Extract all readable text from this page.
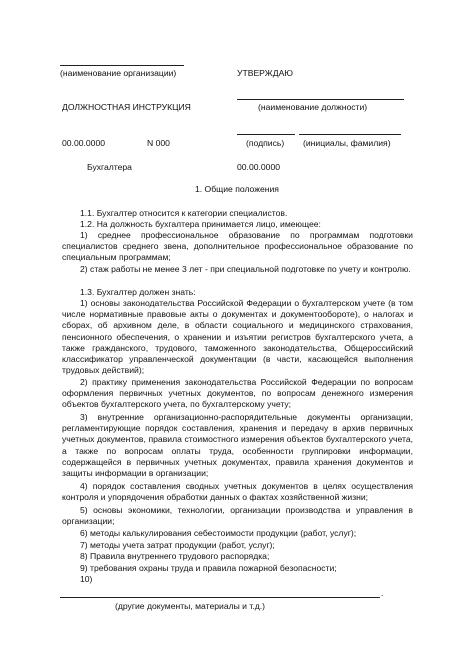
(наименование организации)	УТВЕРЖДАЮ
ДОЛЖНОСТНАЯ ИНСТРУКЦИЯ	(наименование должности)
00.00.0000	N 000	(подпись) (инициалы, фамилия)
Бухгалтера	00.00.0000
1. Общие положения
1.1. Бухгалтер относится к категории специалистов.
1.2. На должность бухгалтера принимается лицо, имеющее:
1) среднее профессиональное образование по программам подготовки специалистов среднего звена, дополнительное профессиональное образование по специальным программам;
2) стаж работы не менее 3 лет - при специальной подготовке по учету и контролю.
1.3. Бухгалтер должен знать:
1) основы законодательства Российской Федерации о бухгалтерском учете (в том числе нормативные правовые акты о документах и документообороте), о налогах и сборах, об архивном деле, в области социального и медицинского страхования, пенсионного обеспечения, о хранении и изъятии регистров бухгалтерского учета, а также гражданского, трудового, таможенного законодательства, Общероссийский классификатор управленческой документации (в части, касающейся выполнения трудовых действий);
2) практику применения законодательства Российской Федерации по вопросам оформления первичных учетных документов, по вопросам денежного измерения объектов бухгалтерского учета, по бухгалтерскому учету;
3) внутренние организационно-распорядительные документы организации, регламентирующие порядок составления, хранения и передачу в архив первичных учетных документов, правила стоимостного измерения объектов бухгалтерского учета, а также по вопросам оплаты труда, особенности группировки информации, содержащейся в первичных учетных документах, правила хранения документов и защиты информации в организации;
4) порядок составления сводных учетных документов в целях осуществления контроля и упорядочения обработки данных о фактах хозяйственной жизни;
5) основы экономики, технологии, организации производства и управления в организации;
6) методы калькулирования себестоимости продукции (работ, услуг);
7) методы учета затрат продукции (работ, услуг);
8) Правила внутреннего трудового распорядка;
9) требования охраны труда и правила пожарной безопасности;
10)
.
(другие документы, материалы и т.д.)
